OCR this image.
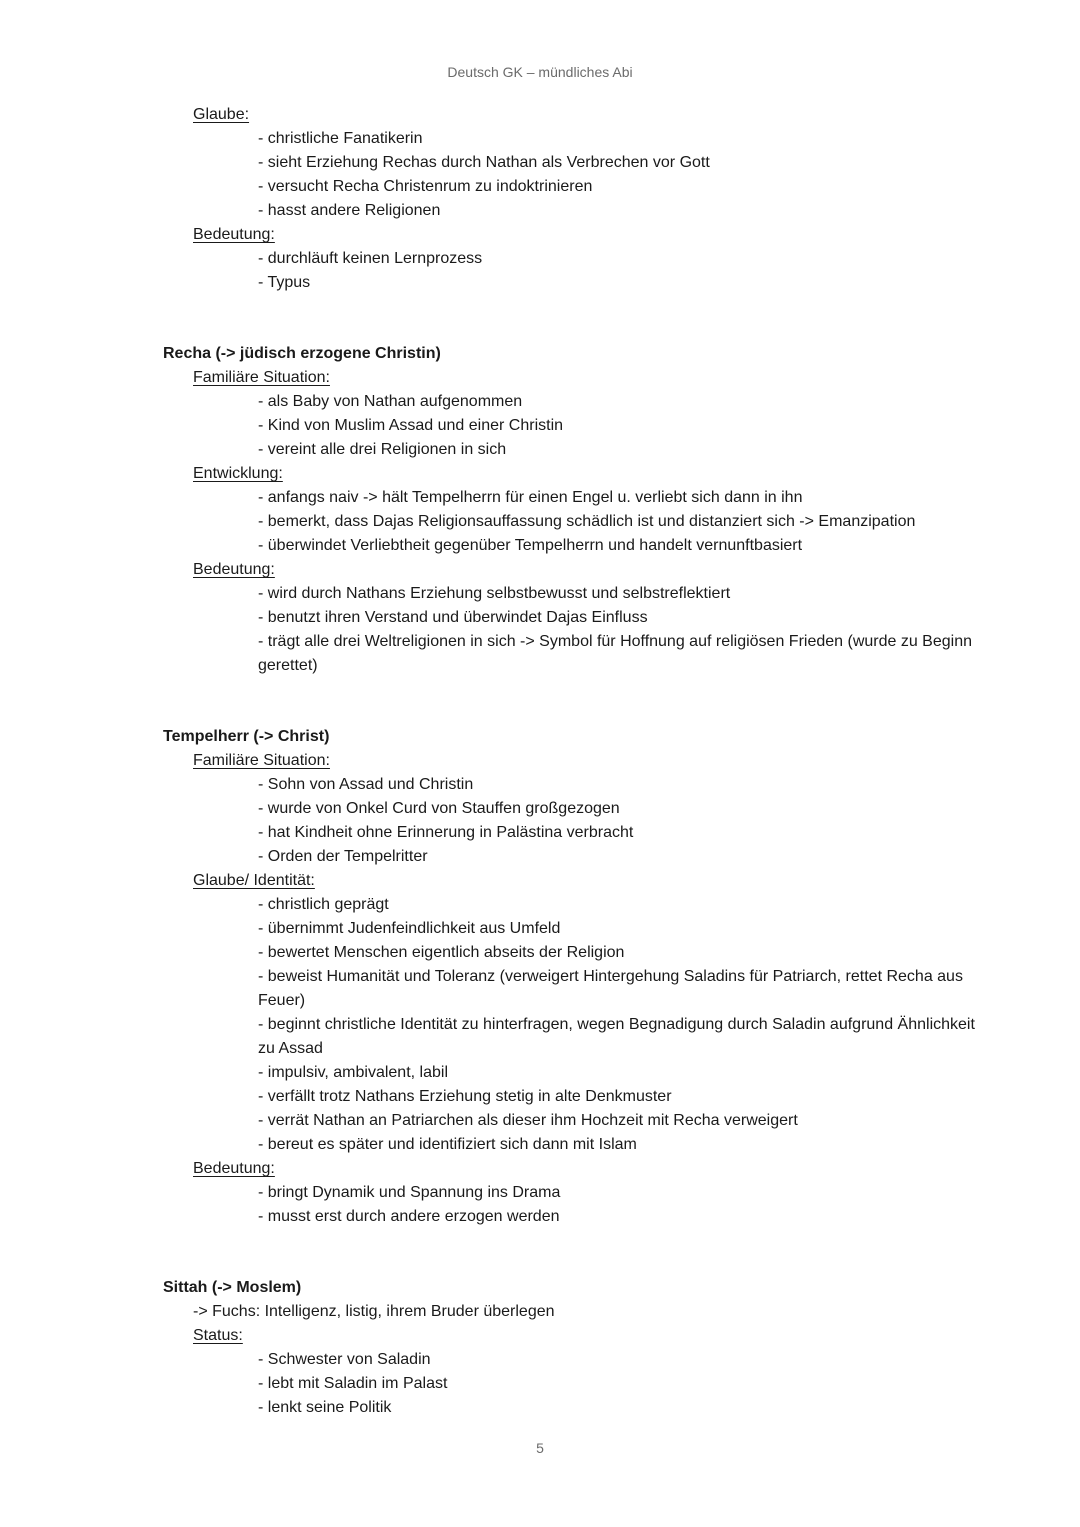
Deutsch GK – mündliches Abi
Glaube:
- christliche Fanatikerin
- sieht Erziehung Rechas durch Nathan als Verbrechen vor Gott
- versucht Recha Christenrum zu indoktrinieren
- hasst andere Religionen
Bedeutung:
- durchläuft keinen Lernprozess
- Typus
Recha (-> jüdisch erzogene Christin)
Familiäre Situation:
- als Baby von Nathan aufgenommen
- Kind von Muslim Assad und einer Christin
- vereint alle drei Religionen in sich
Entwicklung:
- anfangs naiv -> hält Tempelherrn für einen Engel u. verliebt sich dann in ihn
- bemerkt, dass Dajas Religionsauffassung schädlich ist und distanziert sich -> Emanzipation
- überwindet Verliebtheit gegenüber Tempelherrn und handelt vernunftbasiert
Bedeutung:
- wird durch Nathans Erziehung selbstbewusst und selbstreflektiert
- benutzt ihren Verstand und überwindet Dajas Einfluss
- trägt alle drei Weltreligionen in sich -> Symbol für Hoffnung auf religiösen Frieden (wurde zu Beginn
gerettet)
Tempelherr (-> Christ)
Familiäre Situation:
- Sohn von Assad und Christin
- wurde von Onkel Curd von Stauffen großgezogen
- hat Kindheit ohne Erinnerung in Palästina verbracht
- Orden der Tempelritter
Glaube/ Identität:
- christlich geprägt
- übernimmt Judenfeindlichkeit aus Umfeld
- bewertet Menschen eigentlich abseits der Religion
- beweist Humanität und Toleranz (verweigert Hintergehung Saladins für Patriarch, rettet Recha aus
Feuer)
- beginnt christliche Identität zu hinterfragen, wegen Begnadigung durch Saladin aufgrund Ähnlichkeit
zu Assad
- impulsiv, ambivalent, labil
- verfällt trotz Nathans Erziehung stetig in alte Denkmuster
- verrät Nathan an Patriarchen als dieser ihm Hochzeit mit Recha verweigert
- bereut es später und identifiziert sich dann mit Islam
Bedeutung:
- bringt Dynamik und Spannung ins Drama
- musst erst durch andere erzogen werden
Sittah (-> Moslem)
-> Fuchs: Intelligenz, listig, ihrem Bruder überlegen
Status:
- Schwester von Saladin
- lebt mit Saladin im Palast
- lenkt seine Politik
5
